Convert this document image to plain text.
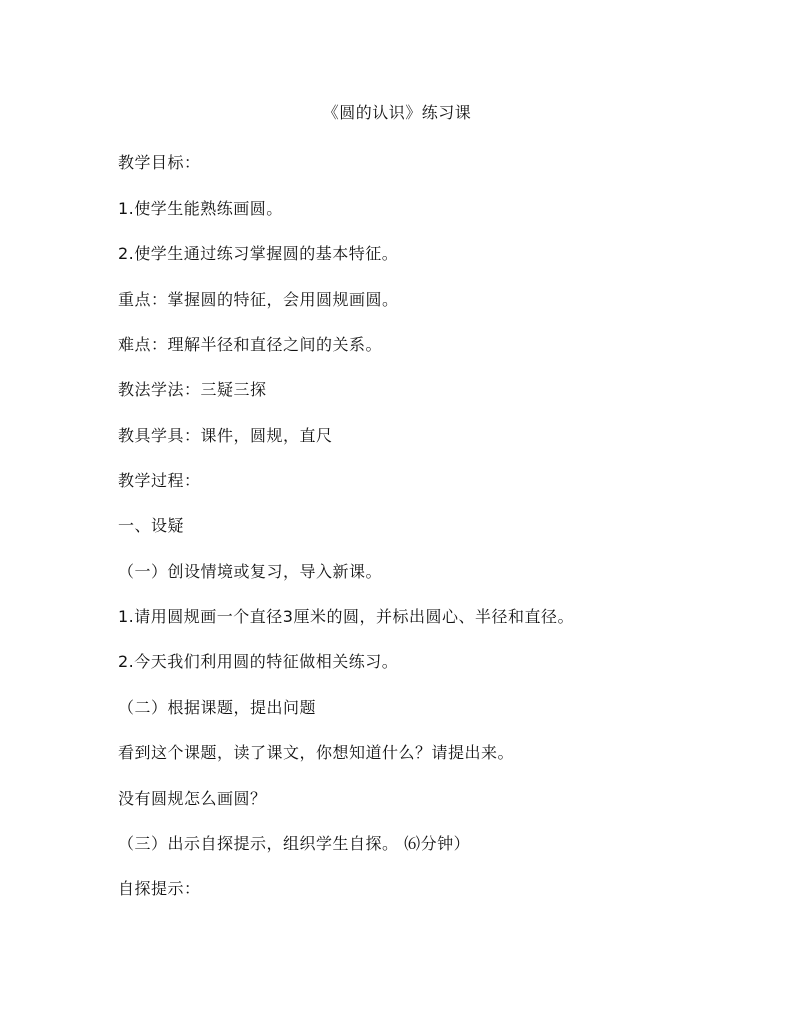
《圆的认识》练习课
教学目标：
1.使学生能熟练画圆。
2.使学生通过练习掌握圆的基本特征。
重点：掌握圆的特征，会用圆规画圆。
难点：理解半径和直径之间的关系。
教法学法：三疑三探
教具学具：课件，圆规，直尺
教学过程：
一、设疑
（一）创设情境或复习，导入新课。
1.请用圆规画一个直径3厘米的圆，并标出圆心、半径和直径。
2.今天我们利用圆的特征做相关练习。
（二）根据课题，提出问题
看到这个课题，读了课文，你想知道什么？请提出来。
没有圆规怎么画圆？
（三）出示自探提示，组织学生自探。 ⑹分钟）
自探提示：
